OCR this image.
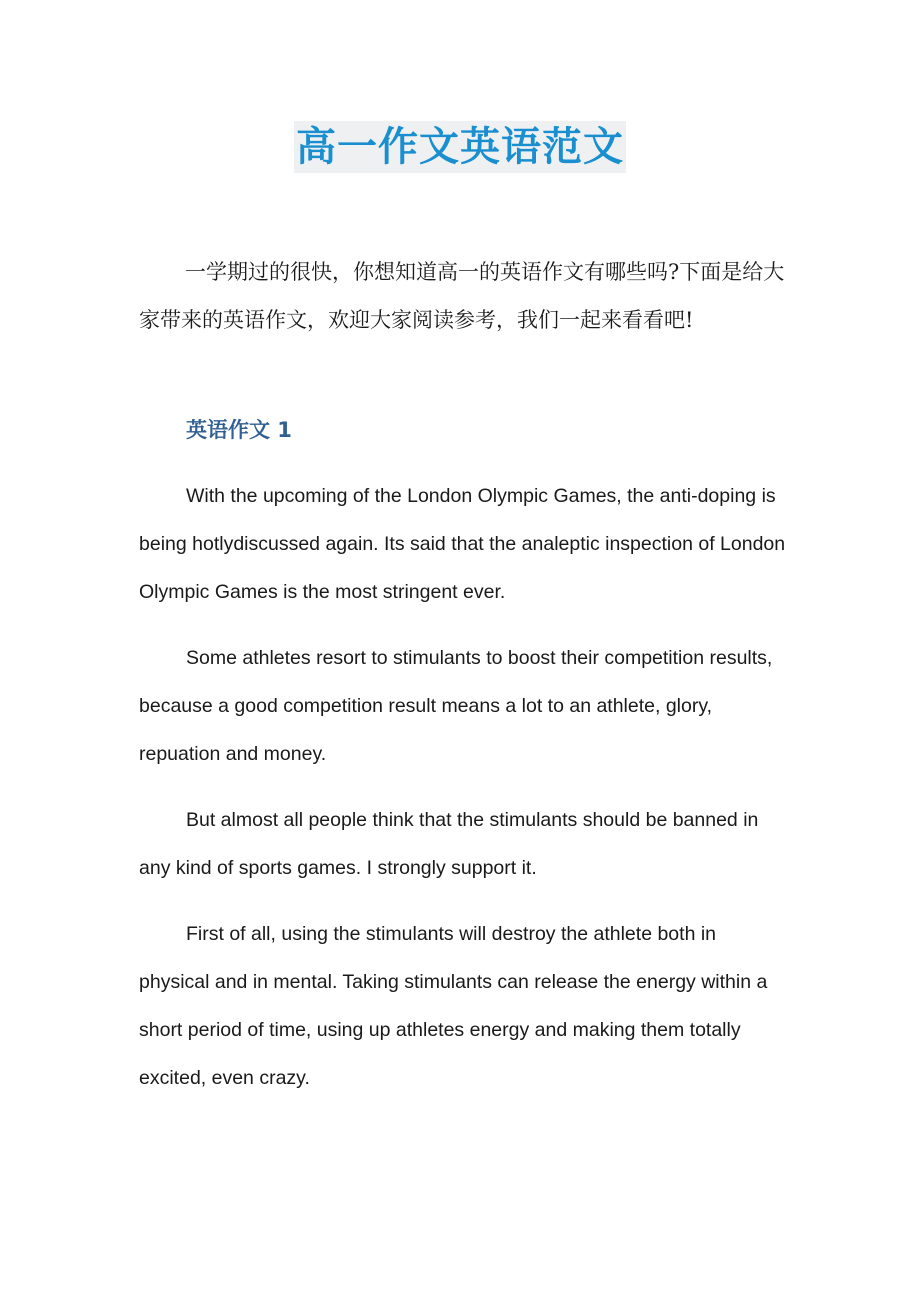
高一作文英语范文

一学期过的很快，你想知道高一的英语作文有哪些吗?下面是给大家带来的英语作文，欢迎大家阅读参考，我们一起来看看吧!

英语作文 1

With the upcoming of the London Olympic Games, the anti-doping is being hotlydiscussed again. Its said that the analeptic inspection of London Olympic Games is the most stringent ever.

Some athletes resort to stimulants to boost their competition results, because a good competition result means a lot to an athlete, glory, repuation and money.

But almost all people think that the stimulants should be banned in any kind of sports games. I strongly support it.

First of all, using the stimulants will destroy the athlete both in physical and in mental. Taking stimulants can release the energy within a short period of time, using up athletes energy and making them totally excited, even crazy.
